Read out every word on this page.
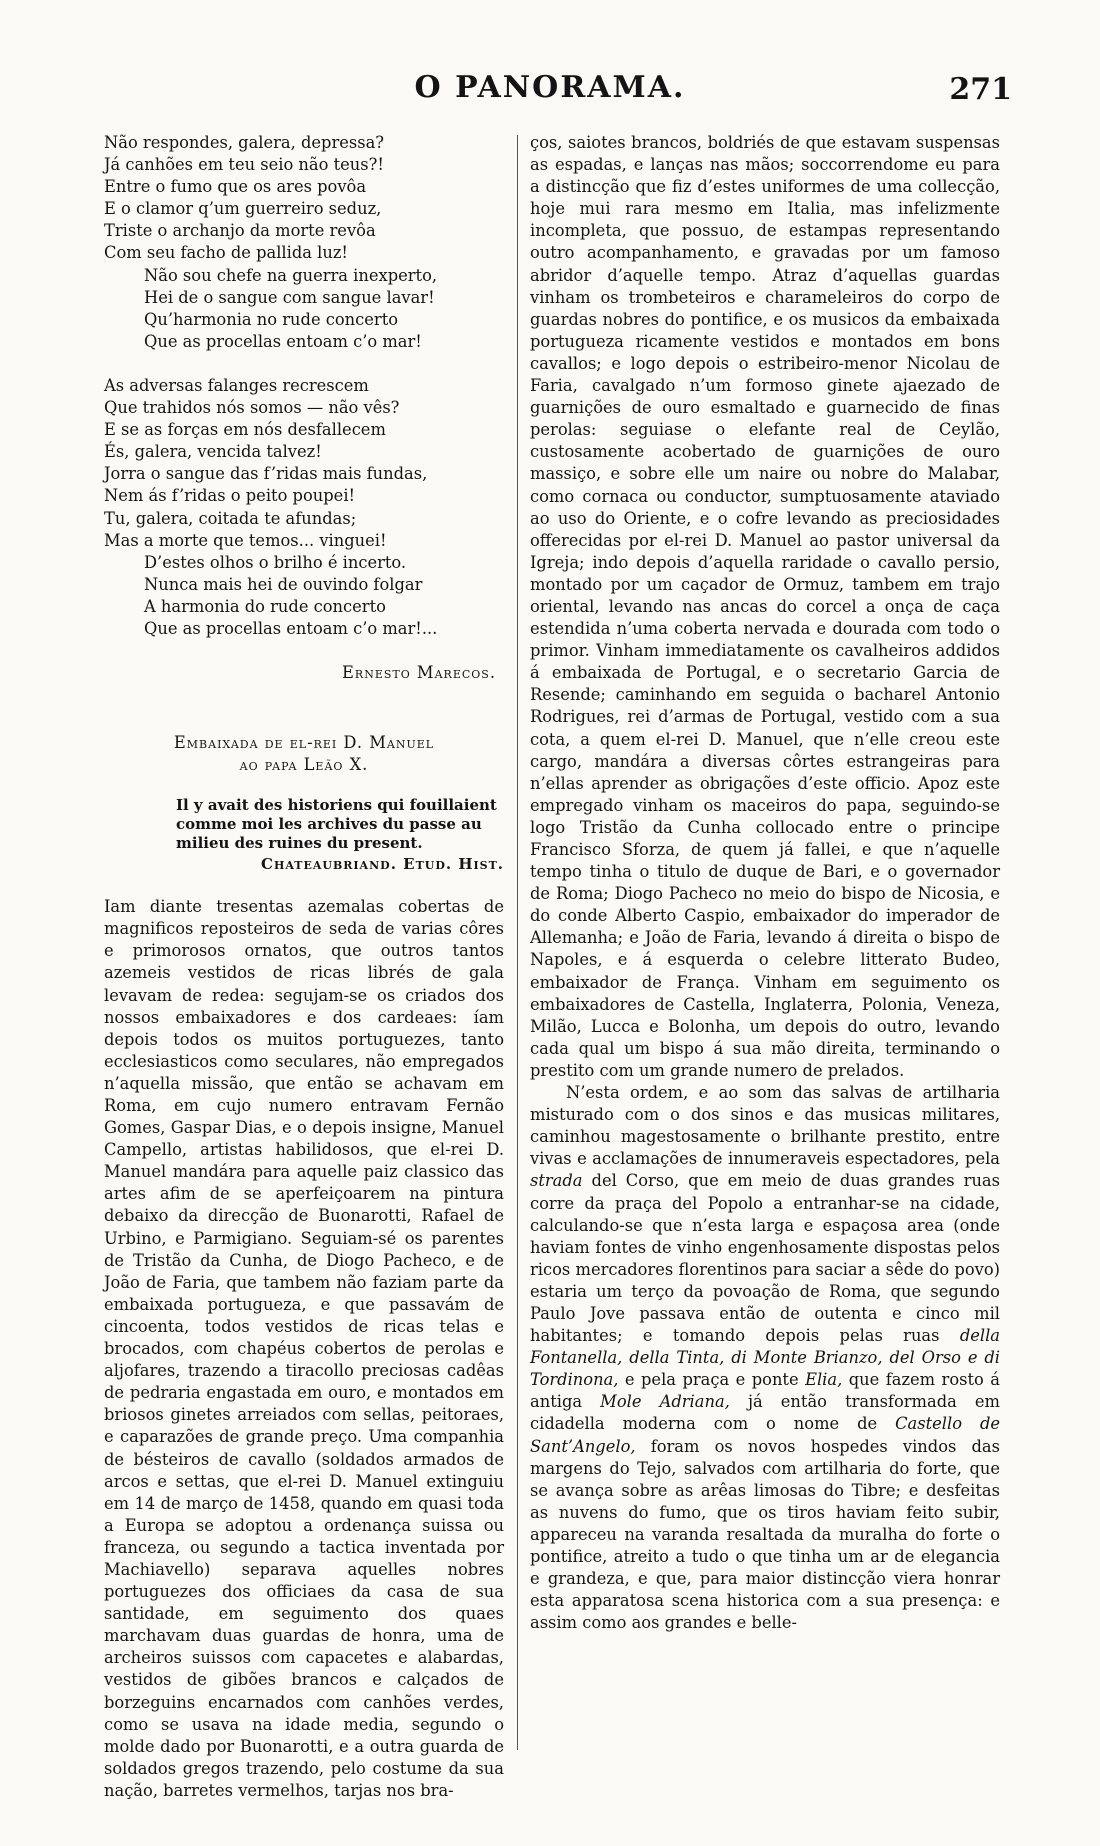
O PANORAMA.	271
Não respondes, galera, depressa?
Já canhões em teu seio não teus?!
Entre o fumo que os ares povôa
E o clamor q’um guerreiro seduz,
Triste o archanjo da morte revôa
Com seu facho de pallida luz!
Não sou chefe na guerra inexperto,
Hei de o sangue com sangue lavar!
Qu’harmonia no rude concerto
Que as procellas entoam c’o mar!
As adversas falanges recrescem
Que trahidos nós somos — não vês?
E se as forças em nós desfallecem
És, galera, vencida talvez!
Jorra o sangue das f’ridas mais fundas,
Nem ás f’ridas o peito poupei!
Tu, galera, coitada te afundas;
Mas a morte que temos... vinguei!
D’estes olhos o brilho é incerto.
Nunca mais hei de ouvindo folgar
A harmonia do rude concerto
Que as procellas entoam c’o mar!...
Ernesto Marecos.
Embaixada de el-rei D. Manuel
ao papa Leão X.
Il y avait des historiens qui fouillaient comme moi les archives du passe au milieu des ruines du present.
Chateaubriand. Etud. Hist.

Iam diante tresentas azemalas cobertas de magnificos reposteiros de seda de varias côres e primorosos ornatos, que outros tantos azemeis vestidos de ricas librés de gala levavam de redea: segujam-se os criados dos nossos embaixadores e dos cardeaes: íam depois todos os muitos portuguezes, tanto ecclesiasticos como seculares, não empregados n’aquella missão, que então se achavam em Roma, em cujo numero entravam Fernão Gomes, Gaspar Dias, e o depois insigne, Manuel Campello, artistas habilidosos, que el-rei D. Manuel mandára para aquelle paiz classico das artes afim de se aperfeiçoarem na pintura debaixo da direcção de Buonarotti, Rafael de Urbino, e Parmigiano. Seguiam-sé os parentes de Tristão da Cunha, de Diogo Pacheco, e de João de Faria, que tambem não faziam parte da embaixada portugueza, e que passavám de cincoenta, todos vestidos de ricas telas e brocados, com chapéus cobertos de perolas e aljofares, trazendo a tiracollo preciosas cadêas de pedraria engastada em ouro, e montados em briosos ginetes arreiados com sellas, peitoraes, e caparazões de grande preço. Uma companhia de bésteiros de cavallo (soldados armados de arcos e settas, que el-rei D. Manuel extinguiu em 14 de março de 1458, quando em quasi toda a Europa se adoptou a ordenança suissa ou franceza, ou segundo a tactica inventada por Machiavello) separava aquelles nobres portuguezes dos officiaes da casa de sua santidade, em seguimento dos quaes marchavam duas guardas de honra, uma de archeiros suissos com capacetes e alabardas, vestidos de gibões brancos e calçados de borzeguins encarnados com canhões verdes, como se usava na idade media, segundo o molde dado por Buonarotti, e a outra guarda de soldados gregos trazendo, pelo costume da sua nação, barretes vermelhos, tarjas nos bra-

ços, saiotes brancos, boldriés de que estavam suspensas as espadas, e lanças nas mãos; soccorrendome eu para a distincção que fiz d’estes uniformes de uma collecção, hoje mui rara mesmo em Italia, mas infelizmente incompleta, que possuo, de estampas representando outro acompanhamento, e gravadas por um famoso abridor d’aquelle tempo. Atraz d’aquellas guardas vinham os trombeteiros e charameleiros do corpo de guardas nobres do pontifice, e os musicos da embaixada portugueza ricamente vestidos e montados em bons cavallos; e logo depois o estribeiro-menor Nicolau de Faria, cavalgado n’um formoso ginete ajaezado de guarnições de ouro esmaltado e guarnecido de finas perolas: seguiase o elefante real de Ceylão, custosamente acobertado de guarnições de ouro massiço, e sobre elle um naire ou nobre do Malabar, como cornaca ou conductor, sumptuosamente ataviado ao uso do Oriente, e o cofre levando as preciosidades offerecidas por el-rei D. Manuel ao pastor universal da Igreja; indo depois d’aquella raridade o cavallo persio, montado por um caçador de Ormuz, tambem em trajo oriental, levando nas ancas do corcel a onça de caça estendida n’uma coberta nervada e dourada com todo o primor. Vinham immediatamente os cavalheiros addidos á embaixada de Portugal, e o secretario Garcia de Resende; caminhando em seguida o bacharel Antonio Rodrigues, rei d’armas de Portugal, vestido com a sua cota, a quem el-rei D. Manuel, que n’elle creou este cargo, mandára a diversas côrtes estrangeiras para n’ellas aprender as obrigações d’este officio. Apoz este empregado vinham os maceiros do papa, seguindo-se logo Tristão da Cunha collocado entre o principe Francisco Sforza, de quem já fallei, e que n’aquelle tempo tinha o titulo de duque de Bari, e o governador de Roma; Diogo Pacheco no meio do bispo de Nicosia, e do conde Alberto Caspio, embaixador do imperador de Allemanha; e João de Faria, levando á direita o bispo de Napoles, e á esquerda o celebre litterato Budeo, embaixador de França. Vinham em seguimento os embaixadores de Castella, Inglaterra, Polonia, Veneza, Milão, Lucca e Bolonha, um depois do outro, levando cada qual um bispo á sua mão direita, terminando o prestito com um grande numero de prelados.

N’esta ordem, e ao som das salvas de artilharia misturado com o dos sinos e das musicas militares, caminhou magestosamente o brilhante prestito, entre vivas e acclamações de innumeraveis espectadores, pela strada del Corso, que em meio de duas grandes ruas corre da praça del Popolo a entranhar-se na cidade, calculando-se que n’esta larga e espaçosa area (onde haviam fontes de vinho engenhosamente dispostas pelos ricos mercadores florentinos para saciar a sêde do povo) estaria um terço da povoação de Roma, que segundo Paulo Jove passava então de outenta e cinco mil habitantes; e tomando depois pelas ruas della Fontanella, della Tinta, di Monte Brianzo, del Orso e di Tordinona, e pela praça e ponte Elia, que fazem rosto á antiga Mole Adriana, já então transformada em cidadella moderna com o nome de Castello de Sant’Angelo, foram os novos hospedes vindos das margens do Tejo, salvados com artilharia do forte, que se avança sobre as arêas limosas do Tibre; e desfeitas as nuvens do fumo, que os tiros haviam feito subir, appareceu na varanda resaltada da muralha do forte o pontifice, atreito a tudo o que tinha um ar de elegancia e grandeza, e que, para maior distincção viera honrar esta apparatosa scena historica com a sua presença: e assim como aos grandes e belle-
